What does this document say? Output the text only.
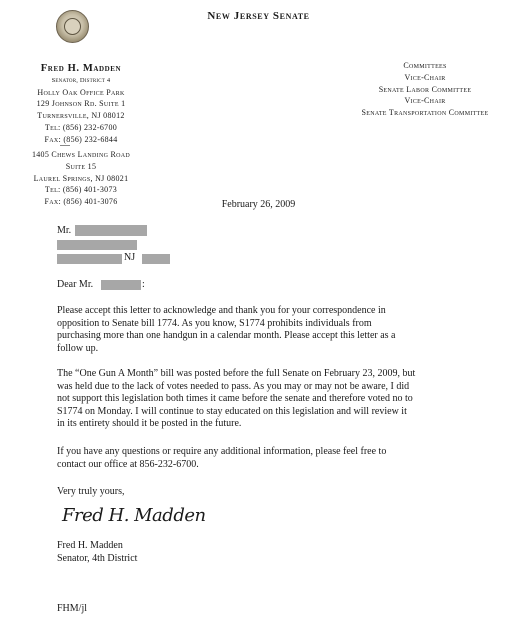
New Jersey Senate
Fred H. Madden
Senator, District 4
Holly Oak Office Park
129 Johnson Rd. Suite 1
Turnersville, NJ 08012
Tel: (856) 232-6700
Fax: (856) 232-6844
1405 Chews Landing Road
Suite 15
Laurel Springs, NJ 08021
Tel: (856) 401-3073
Fax: (856) 401-3076
Committees
Vice-Chair
Senate Labor Committee
Vice-Chair
Senate Transportation Committee
February 26, 2009
Mr.
NJ
Dear Mr.	:
Please accept this letter to acknowledge and thank you for your correspondence in
opposition to Senate bill 1774. As you know, S1774 prohibits individuals from
purchasing more than one handgun in a calendar month. Please accept this letter as a
follow up.
The “One Gun A Month” bill was posted before the full Senate on February 23, 2009, but
was held due to the lack of votes needed to pass. As you may or may not be aware, I did
not support this legislation both times it came before the senate and therefore voted no to
S1774 on Monday. I will continue to stay educated on this legislation and will review it
in its entirety should it be posted in the future.
If you have any questions or require any additional information, please feel free to
contact our office at 856-232-6700.
Very truly yours,
Fred H. Madden
Fred H. Madden
Senator, 4th District
FHM/jl
